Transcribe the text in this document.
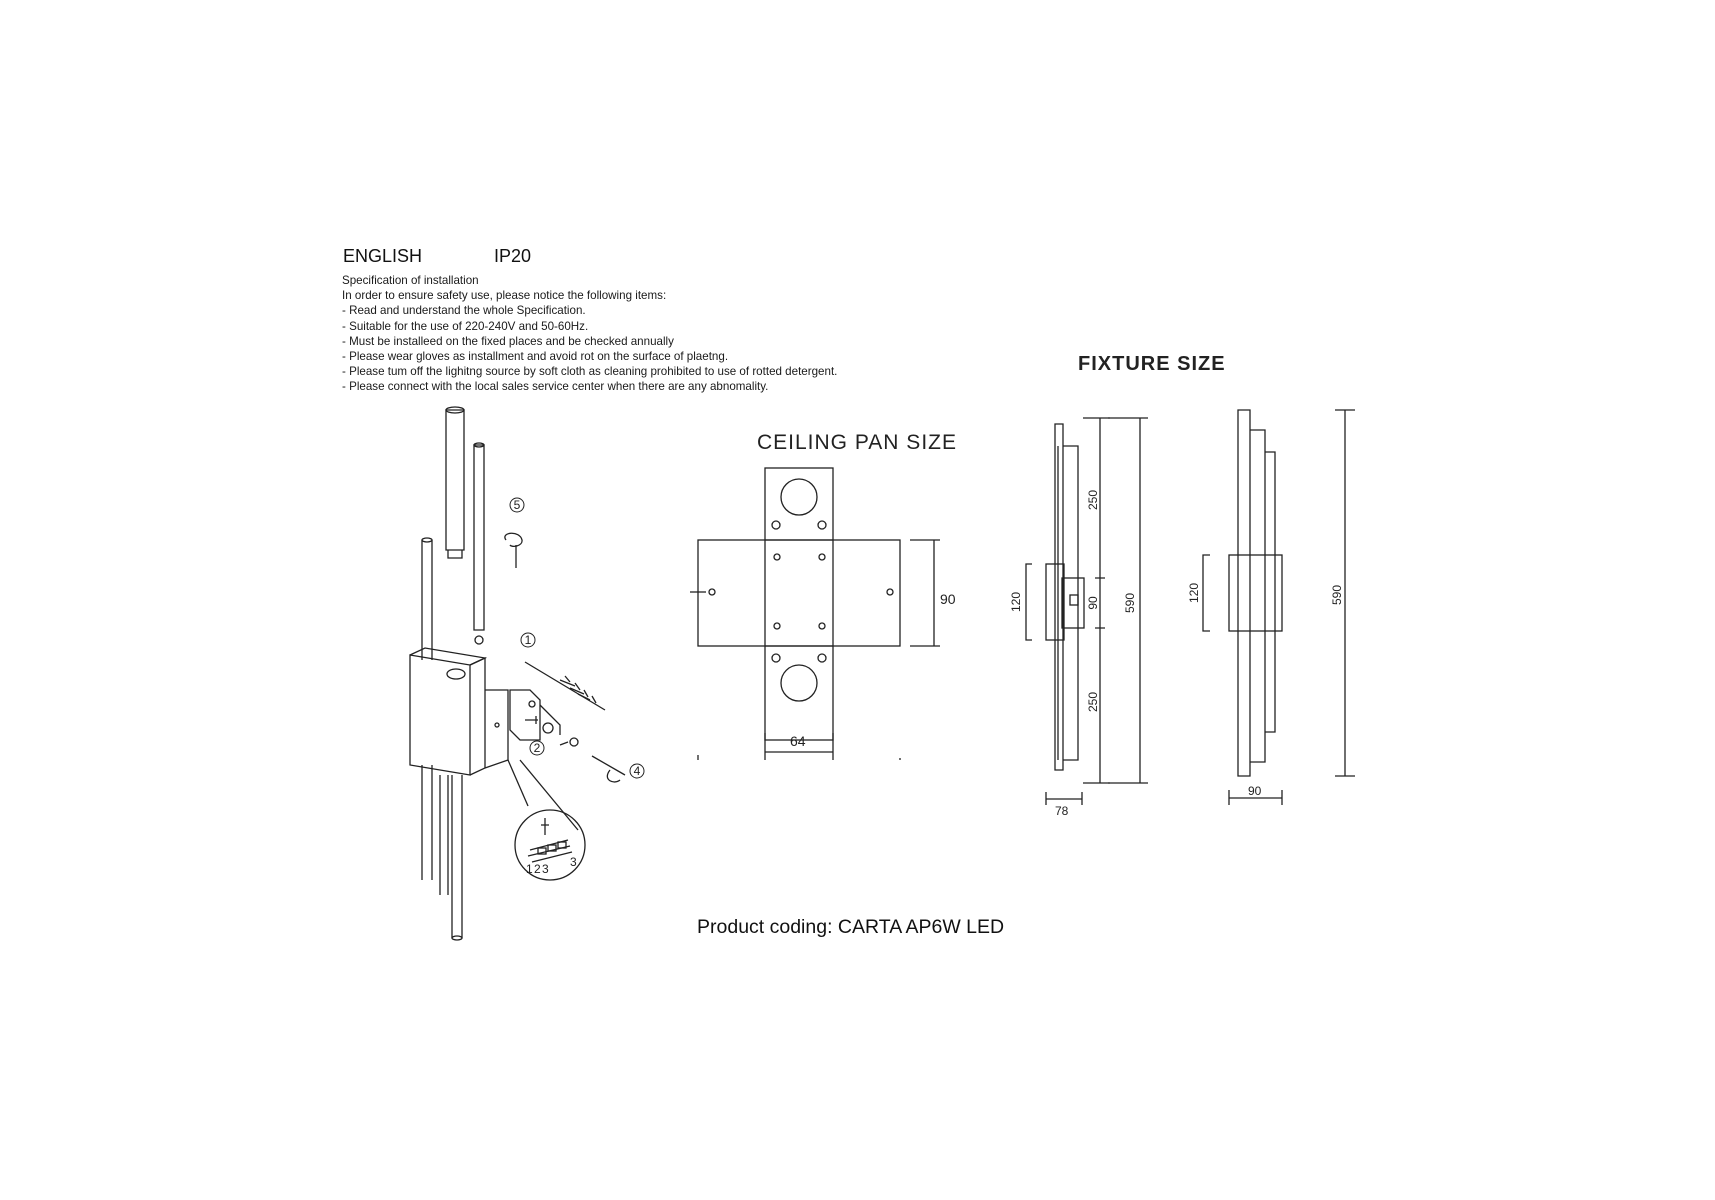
ENGLISH	IP20
Specification of installation
In order to ensure safety use, please notice the following items:
- Read and understand the whole Specification.
- Suitable for the use of 220-240V and 50-60Hz.
- Must be installeed on the fixed places and be checked annually
- Please wear gloves as installment and avoid rot on the surface of plaetng.
- Please tum off the lighitng source by soft cloth as cleaning prohibited to use of rotted detergent.
- Please connect with the local sales service center when there are any abnomality.
CEILING PAN SIZE
FIXTURE SIZE
Product coding: CARTA AP6W LED
5
1
2
4
1 2 3 3
90
64
250
120	90 590
250
78
120	590
90
